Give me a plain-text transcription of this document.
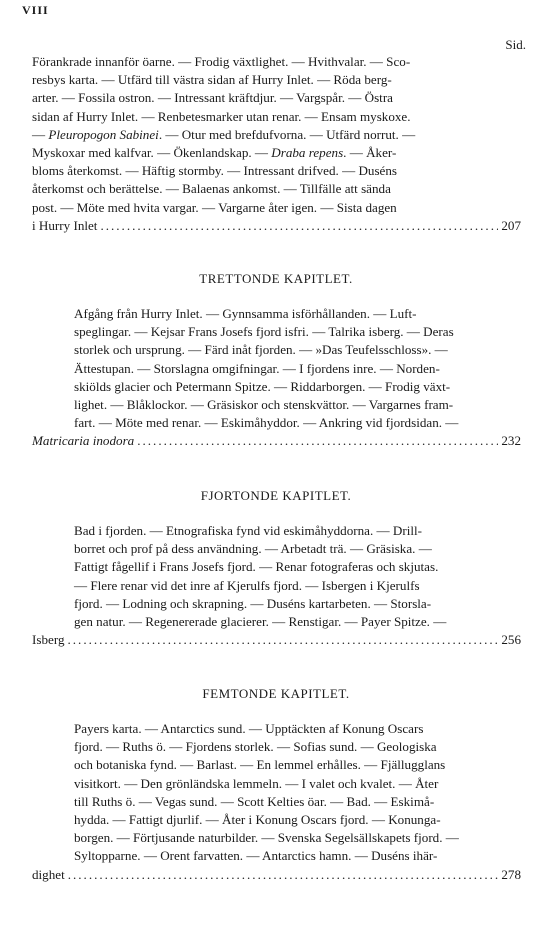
VIII
Sid.
Förankrade innanför öarne. — Frodig växtlighet. — Hvithvalar. — Sco-
resbys karta. — Utfärd till västra sidan af Hurry Inlet. — Röda berg-
arter. — Fossila ostron. — Intressant kräftdjur. — Vargspår. — Östra
sidan af Hurry Inlet. — Renbetesmarker utan renar. — Ensam myskoxe.
— Pleuropogon Sabinei. — Otur med brefdufvorna. — Utfärd norrut. —
Myskoxar med kalfvar. — Ökenlandskap. — Draba repens. — Åker-
bloms återkomst. — Häftig stormby. — Intressant drifved. — Duséns
återkomst och berättelse. — Balaenas ankomst. — Tillfälle att sända
post. — Möte med hvita vargar. — Vargarne åter igen. — Sista dagen
i Hurry Inlet .....	207
TRETTONDE KAPITLET.
Afgång från Hurry Inlet. — Gynnsamma isförhållanden. — Luft-
speglingar. — Kejsar Frans Josefs fjord isfri. — Talrika isberg. — Deras
storlek och ursprung. — Färd inåt fjorden. — »Das Teufelsschloss». —
Ättestupan. — Storslagna omgifningar. — I fjordens inre. — Norden-
skiölds glacier och Petermann Spitze. — Riddarborgen. — Frodig växt-
lighet. — Blåklockor. — Gräsiskor och stenskvättor. — Vargarnes fram-
fart. — Möte med renar. — Eskimåhyddor. — Ankring vid fjordsidan. —
Matricaria inodora .....	232
FJORTONDE KAPITLET.
Bad i fjorden. — Etnografiska fynd vid eskimåhyddorna. — Drill-
borret och prof på dess användning. — Arbetadt trä. — Gräsiska. —
Fattigt fågellif i Frans Josefs fjord. — Renar fotograferas och skjutas.
— Flere renar vid det inre af Kjerulfs fjord. — Isbergen i Kjerulfs
fjord. — Lodning och skrapning. — Duséns kartarbeten. — Storsla-
gen natur. — Regenererade glacierer. — Renstigar. — Payer Spitze. —
Isberg .....	256
FEMTONDE KAPITLET.
Payers karta. — Antarctics sund. — Upptäckten af Konung Oscars
fjord. — Ruths ö. — Fjordens storlek. — Sofias sund. — Geologiska
och botaniska fynd. — Barlast. — En lemmel erhålles. — Fjällugglans
visitkort. — Den grönländska lemmeln. — I valet och kvalet. — Åter
till Ruths ö. — Vegas sund. — Scott Kelties öar. — Bad. — Eskimå-
hydda. — Fattigt djurlif. — Åter i Konung Oscars fjord. — Konunga-
borgen. — Förtjusande naturbilder. — Svenska Segelsällskapets fjord. —
Syltopparne. — Orent farvatten. — Antarctics hamn. — Duséns ihär-
dighet .....	278
